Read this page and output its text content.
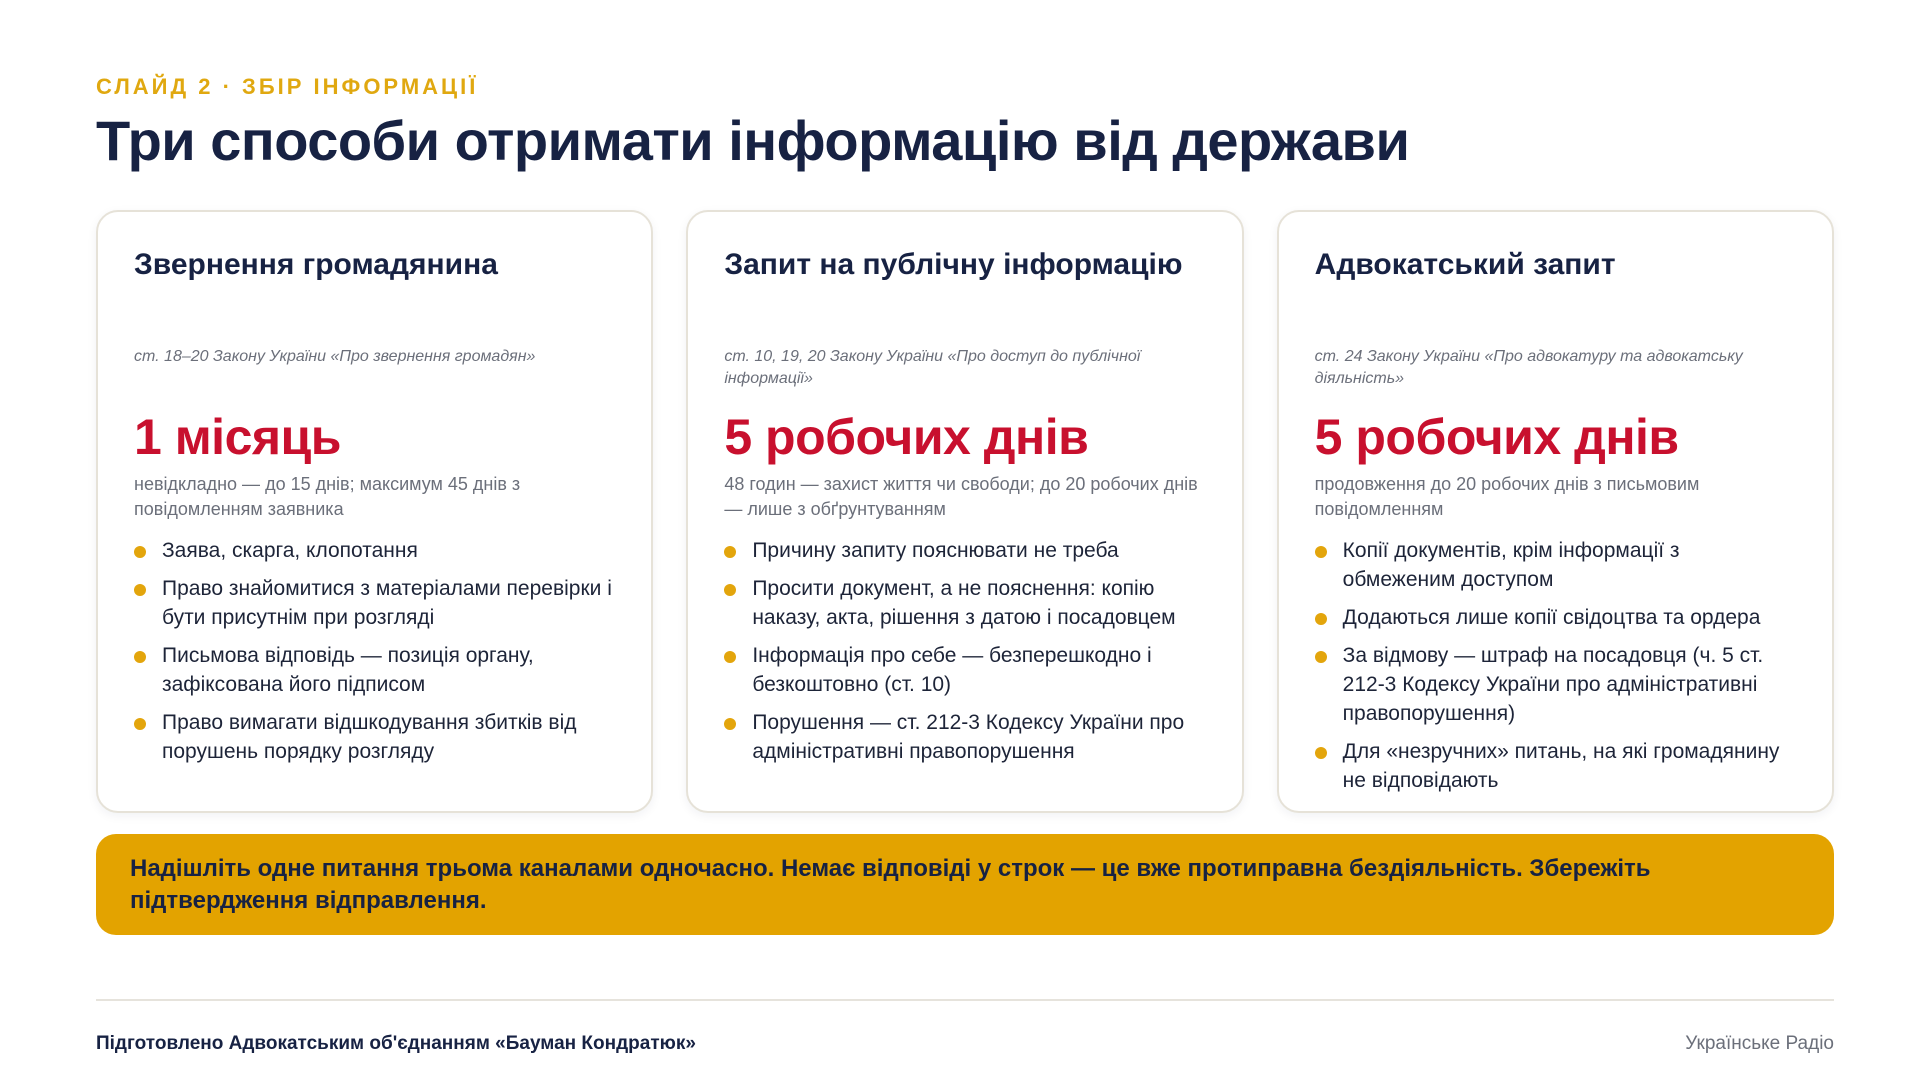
СЛАЙД 2 · ЗБІР ІНФОРМАЦІЇ
Три способи отримати інформацію від держави
Звернення громадянина
ст. 18–20 Закону України «Про звернення громадян»
1 місяць
невідкладно — до 15 днів; максимум 45 днів з повідомленням заявника
Заява, скарга, клопотання
Право знайомитися з матеріалами перевірки і бути присутнім при розгляді
Письмова відповідь — позиція органу, зафіксована його підписом
Право вимагати відшкодування збитків від порушень порядку розгляду
Запит на публічну інформацію
ст. 10, 19, 20 Закону України «Про доступ до публічної інформації»
5 робочих днів
48 годин — захист життя чи свободи; до 20 робочих днів — лише з обґрунтуванням
Причину запиту пояснювати не треба
Просити документ, а не пояснення: копію наказу, акта, рішення з датою і посадовцем
Інформація про себе — безперешкодно і безкоштовно (ст. 10)
Порушення — ст. 212-3 Кодексу України про адміністративні правопорушення
Адвокатський запит
ст. 24 Закону України «Про адвокатуру та адвокатську діяльність»
5 робочих днів
продовження до 20 робочих днів з письмовим повідомленням
Копії документів, крім інформації з обмеженим доступом
Додаються лише копії свідоцтва та ордера
За відмову — штраф на посадовця (ч. 5 ст. 212-3 Кодексу України про адміністративні правопорушення)
Для «незручних» питань, на які громадянину не відповідають
Надішліть одне питання трьома каналами одночасно. Немає відповіді у строк — це вже протиправна бездіяльність. Збережіть підтвердження відправлення.
Підготовлено Адвокатським об'єднанням «Бауман Кондратюк»	Українське Радіо
